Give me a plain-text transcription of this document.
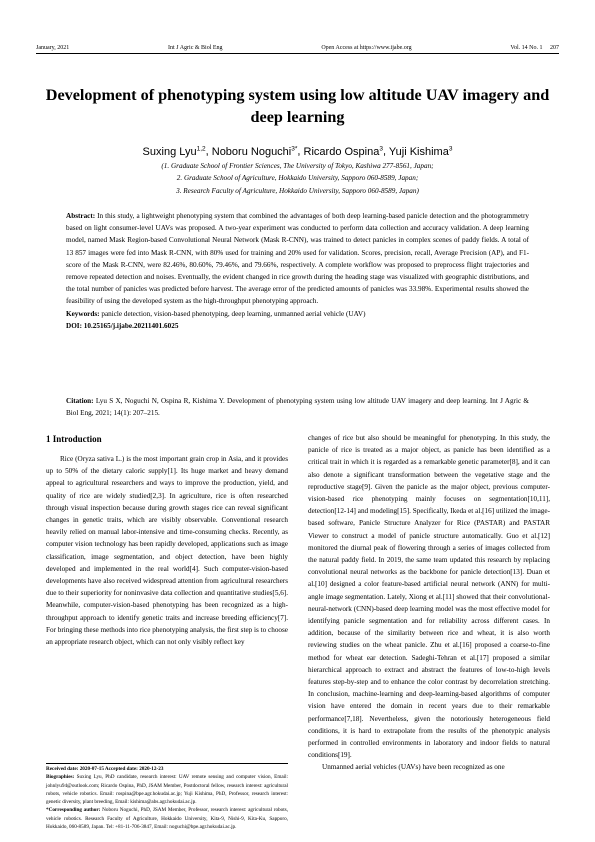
January, 2021	Int J Agric & Biol Eng	Open Access at https://www.ijabe.org	Vol. 14 No. 1 207
Development of phenotyping system using low altitude UAV imagery and deep learning
Suxing Lyu$^{1,2}$, Noboru Noguchi$^{3*}$, Ricardo Ospina$^3$, Yuji Kishima$^3$
(1. Graduate School of Frontier Sciences, The University of Tokyo, Kashiwa 277-8561, Japan;
2. Graduate School of Agriculture, Hokkaido University, Sapporo 060-8589, Japan;
3. Research Faculty of Agriculture, Hokkaido University, Sapporo 060-8589, Japan)
Abstract: In this study, a lightweight phenotyping system that combined the advantages of both deep learning-based panicle detection and the photogrammetry based on light consumer-level UAVs was proposed. A two-year experiment was conducted to perform data collection and accuracy validation. A deep learning model, named Mask Region-based Convolutional Neural Network (Mask R-CNN), was trained to detect panicles in complex scenes of paddy fields. A total of 13 857 images were fed into Mask R-CNN, with 80% used for training and 20% used for validation. Scores, precision, recall, Average Precision (AP), and F1-score of the Mask R-CNN, were 82.46%, 80.60%, 79.46%, and 79.66%, respectively. A complete workflow was proposed to preprocess flight trajectories and remove repeated detection and noises. Eventually, the evident changed in rice growth during the heading stage was visualized with geographic distributions, and the total number of panicles was predicted before harvest. The average error of the predicted amounts of panicles was 33.98%. Experimental results showed the feasibility of using the developed system as the high-throughput phenotyping approach.
Keywords: panicle detection, vision-based phenotyping, deep learning, unmanned aerial vehicle (UAV)
DOI: 10.25165/j.ijabe.20211401.6025
Citation: Lyu S X, Noguchi N, Ospina R, Kishima Y. Development of phenotyping system using low altitude UAV imagery and deep learning. Int J Agric & Biol Eng, 2021; 14(1): 207–215.
1 Introduction

Rice (Oryza sativa L.) is the most important grain crop in Asia, and it provides up to 50% of the dietary caloric supply[1]. Its huge market and heavy demand appeal to agricultural researchers and ways to improve the production, yield, and quality of rice are widely studied[2,3]. In agriculture, rice is often researched through visual inspection because during growth stages rice can reveal significant changes in genetic traits, which are visibly observable. Conventional research heavily relied on manual labor-intensive and time-consuming checks. Recently, as computer vision technology has been rapidly developed, applications such as image classification, image segmentation, and object detection, have been highly developed and implemented in the real world[4]. Such computer-vision-based developments have also received widespread attention from agricultural researchers due to their superiority for noninvasive data collection and quantitative studies[5,6]. Meanwhile, computer-vision-based phenotyping has been recognized as a high-throughput approach to identify genetic traits and increase breeding efficiency[7]. For bringing these methods into rice phenotyping analysis, the first step is to choose an appropriate research object, which can not only visibly reflect key

changes of rice but also should be meaningful for phenotyping. In this study, the panicle of rice is treated as a major object, as panicle has been identified as a critical trait in which it is regarded as a remarkable genetic parameter[8], and it can also denote a significant transformation between the vegetative stage and the reproductive stage[9]. Given the panicle as the major object, previous computer-vision-based rice phenotyping mainly focuses on segmentation[10,11], detection[12-14] and modeling[15]. Specifically, Ikeda et al.[16] utilized the image-based software, Panicle Structure Analyzer for Rice (PASTAR) and PASTAR Viewer to construct a model of panicle structure automatically. Guo et al.[12] monitored the diurnal peak of flowering through a series of images collected from the natural paddy field. In 2019, the same team updated this research by replacing convolutional neural networks as the backbone for panicle detection[13]. Duan et al.[10] designed a color feature-based artificial neural network (ANN) for multi-angle image segmentation. Lately, Xiong et al.[11] showed that their convolutional-neural-network (CNN)-based deep learning model was the most effective model for identifying panicle segmentation and for reliability across different cases. In addition, because of the similarity between rice and wheat, it is also worth reviewing studies on the wheat panicle. Zhu et al.[16] proposed a coarse-to-fine method for wheat ear detection. Sadeghi-Tehran et al.[17] proposed a similar hierarchical approach to extract and abstract the features of low-to-high levels features step-by-step and to enhance the color contrast by decorrelation stretching. In conclusion, machine-learning and deep-learning-based algorithms of computer vision have entered the domain in recent years due to their remarkable performance[7,18]. Nevertheless, given the notoriously heterogeneous field conditions, it is hard to extrapolate from the results of the phenotypic analysis performed in controlled environments in laboratory and indoor fields to natural conditions[19].

Unmanned aerial vehicles (UAVs) have been recognized as one

Received date: 2020-07-15 Accepted date: 2020-12-23

Biographies: Suxing Lyu, PhD candidate, research interest: UAV remote sensing and computer vision, Email: johnlyu94@outlook.com; Ricardo Ospina, PhD, JSAM Member, Postdoctoral fellow, research interest: agricultural robots, vehicle robotics. Email: rospina@bpe.agr.hokudai.ac.jp; Yuji Kishima, PhD, Professor, research interest: genetic diversity, plant breeding, Email: kishima@abs.agr.hokudai.ac.jp.

*Corresponding author: Noboru Noguchi, PhD, JSAM Member, Professor, research interest: agricultural robots, vehicle robotics. Research Faculty of Agriculture, Hokkaido University, Kita-9, Nishi-9, Kita-Ku, Sapporo, Hokkaido, 060-8589, Japan. Tel: +81-11-706-3847, Email: noguchi@bpe.agr.hokudai.ac.jp.
